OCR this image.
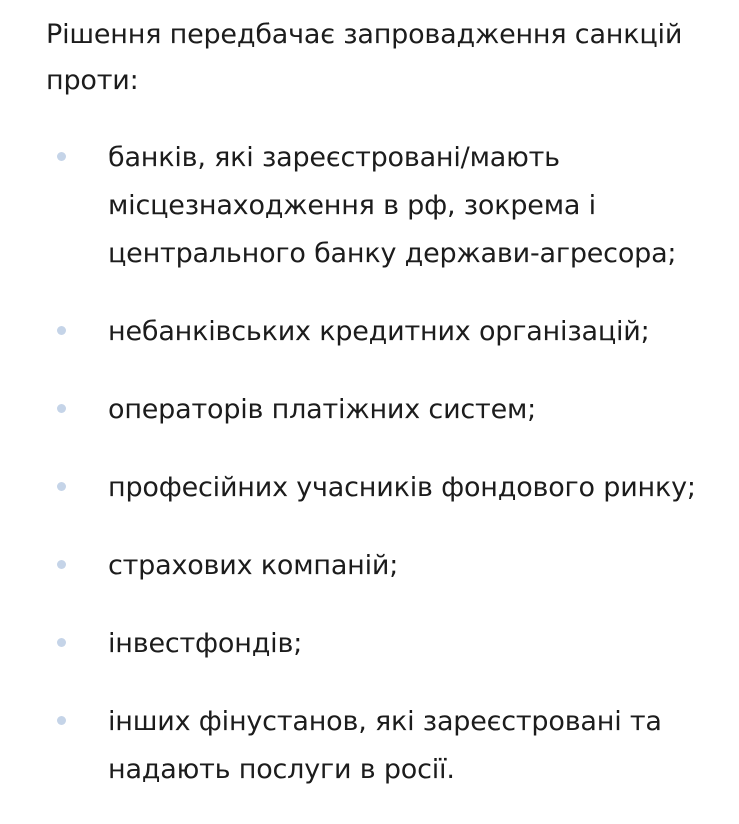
Рішення передбачає запровадження санкцій проти:

банків, які зареєстровані/мають місцезнаходження в рф, зокрема і центрального банку держави-агресора;
небанківських кредитних організацій;
операторів платіжних систем;
професійних учасників фондового ринку;
страхових компаній;
інвестфондів;
інших фінустанов, які зареєстровані та надають послуги в росії.
